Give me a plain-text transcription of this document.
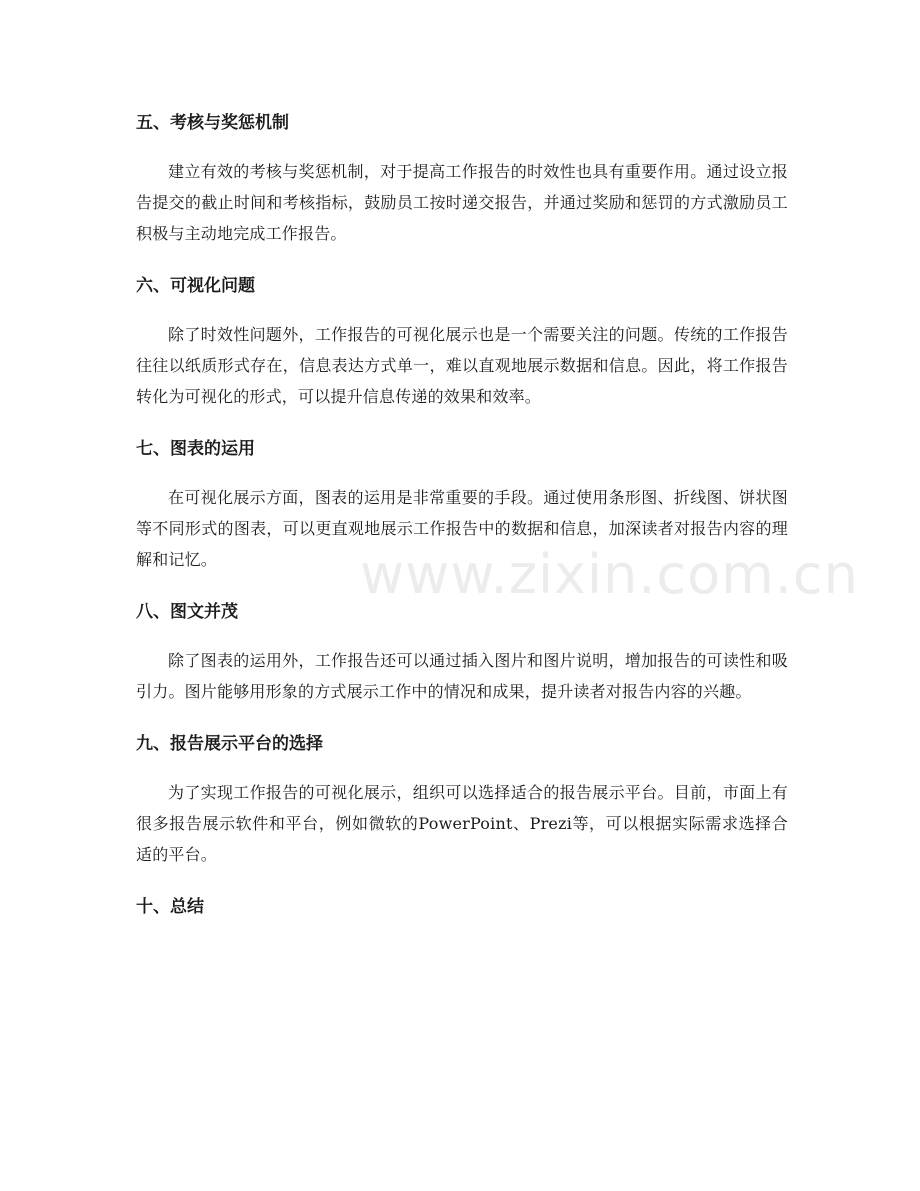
五、考核与奖惩机制

建立有效的考核与奖惩机制，对于提高工作报告的时效性也具有重要作用。通过设立报告提交的截止时间和考核指标，鼓励员工按时递交报告，并通过奖励和惩罚的方式激励员工积极与主动地完成工作报告。

六、可视化问题

除了时效性问题外，工作报告的可视化展示也是一个需要关注的问题。传统的工作报告往往以纸质形式存在，信息表达方式单一，难以直观地展示数据和信息。因此，将工作报告转化为可视化的形式，可以提升信息传递的效果和效率。

七、图表的运用

在可视化展示方面，图表的运用是非常重要的手段。通过使用条形图、折线图、饼状图等不同形式的图表，可以更直观地展示工作报告中的数据和信息，加深读者对报告内容的理解和记忆。

八、图文并茂

除了图表的运用外，工作报告还可以通过插入图片和图片说明，增加报告的可读性和吸引力。图片能够用形象的方式展示工作中的情况和成果，提升读者对报告内容的兴趣。

九、报告展示平台的选择

为了实现工作报告的可视化展示，组织可以选择适合的报告展示平台。目前，市面上有很多报告展示软件和平台，例如微软的PowerPoint、Prezi等，可以根据实际需求选择合适的平台。

十、总结
www.zixin.com.cn
